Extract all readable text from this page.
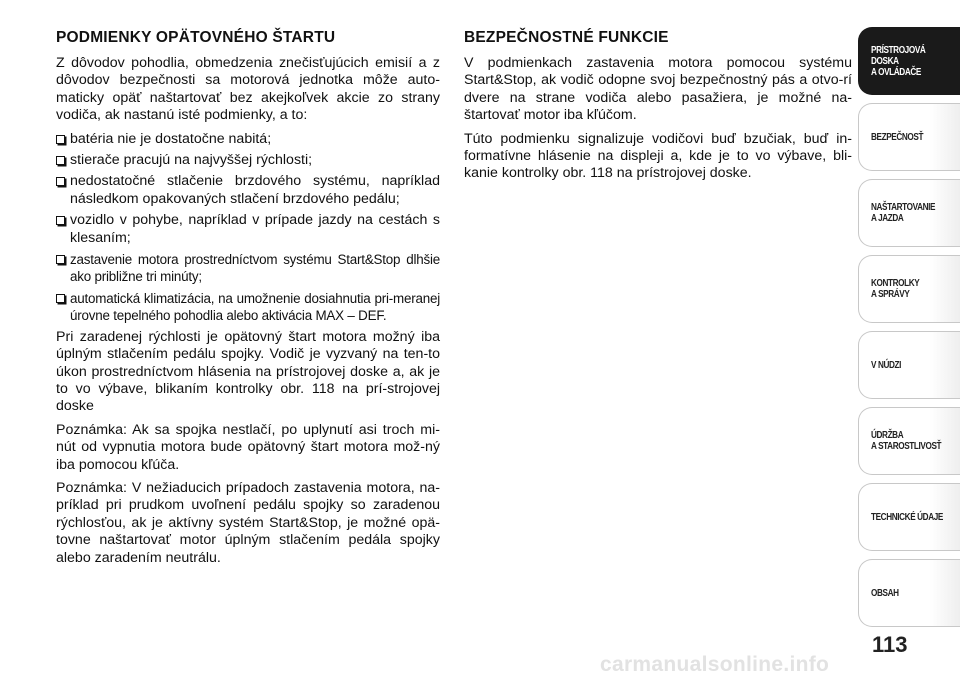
PODMIENKY OPÄTOVNÉHO ŠTARTU
Z dôvodov pohodlia, obmedzenia znečisťujúcich emisií a z dôvodov bezpečnosti sa motorová jednotka môže auto-maticky opäť naštartovať bez akejkoľvek akcie zo strany vodiča, ak nastanú isté podmienky, a to:
batéria nie je dostatočne nabitá;
stierače pracujú na najvyššej rýchlosti;
nedostatočné stlačenie brzdového systému, napríklad následkom opakovaných stlačení brzdového pedálu;
vozidlo v pohybe, napríklad v prípade jazdy na cestách s klesaním;
zastavenie motora prostredníctvom systému Start&Stop dlhšie ako približne tri minúty;
automatická klimatizácia, na umožnenie dosiahnutia pri-meranej úrovne tepelného pohodlia alebo aktivácia MAX – DEF.
Pri zaradenej rýchlosti je opätovný štart motora možný iba úplným stlačením pedálu spojky. Vodič je vyzvaný na ten-to úkon prostredníctvom hlásenia na prístrojovej doske a, ak je to vo výbave, blikaním kontrolky obr. 118 na prí-strojovej doske
Poznámka: Ak sa spojka nestlačí, po uplynutí asi troch mi-nút od vypnutia motora bude opätovný štart motora mož-ný iba pomocou kľúča.
Poznámka: V nežiaducich prípadoch zastavenia motora, na-príklad pri prudkom uvoľnení pedálu spojky so zaradenou rýchlosťou, ak je aktívny systém Start&Stop, je možné opä-tovne naštartovať motor úplným stlačením pedála spojky alebo zaradením neutrálu.
BEZPEČNOSTNÉ FUNKCIE
V podmienkach zastavenia motora pomocou systému Start&Stop, ak vodič odopne svoj bezpečnostný pás a otvo-rí dvere na strane vodiča alebo pasažiera, je možné na-štartovať motor iba kľúčom.
Túto podmienku signalizuje vodičovi buď bzučiak, buď in-formatívne hlásenie na displeji a, kde je to vo výbave, bli-kanie kontrolky obr. 118 na prístrojovej doske.
PRÍSTROJOVÁ
DOSKA
A OVLÁDAČE
BEZPEČNOSŤ
NAŠTARTOVANIE
A JAZDA
KONTROLKY
A SPRÁVY
V NÚDZI
ÚDRŽBA
A STAROSTLIVOSŤ
TECHNICKÉ ÚDAJE
OBSAH
113
carmanualsonline.info
